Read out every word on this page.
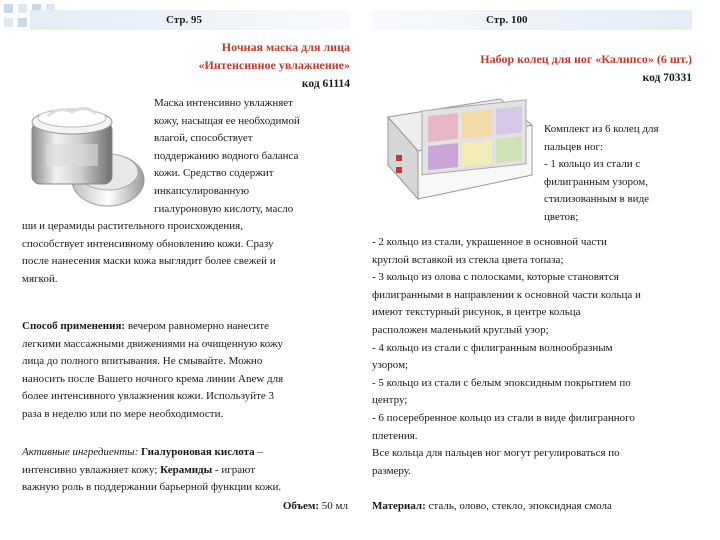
Стр. 95
Ночная маска для лица
«Интенсивное увлажнение»
код 61114
Маска интенсивно увлажняет
кожу, насыщая ее необходимой
влагой, способствует
поддержанию водного баланса
кожи. Средство содержит
инкапсулированную
гиалуроновую кислоту, масло
ши и церамиды растительного происхождения,
способствует интенсивному обновлению кожи. Сразу
после нанесения маски кожа выглядит более свежей и
мягкой.
Способ применения: вечером равномерно нанесите
легкими массажными движениями на очищенную кожу
лица до полного впитывания. Не смывайте. Можно
наносить после Вашего ночного крема линии Anew для
более интенсивного увлажнения кожи. Используйте 3
раза в неделю или по мере необходимости.
Активные ингредиенты: Гиалуроновая кислота –
интенсивно увлажняет кожу; Керамиды - играют
важную роль в поддержании барьерной функции кожи.
Объем: 50 мл
Стр. 100
Набор колец для ног «Калипсо» (6 шт.)
код 70331
Комплект из 6 колец для
пальцев ног:
- 1 кольцо из стали с
филигранным узором,
стилизованным в виде
цветов;
- 2 кольцо из стали, украшенное в основной части
круглой вставкой из стекла цвета топаза;
- 3 кольцо из олова с полосками, которые становятся
филигранными в направлении к основной части кольца и
имеют текстурный рисунок, в центре кольца
расположен маленький круглый узор;
- 4 кольцо из стали с филигранным волнообразным
узором;
- 5 кольцо из стали с белым эпоксидным покрытием по
центру;
- 6 посеребренное кольцо из стали в виде филигранного
плетения.
Все кольца для пальцев ног могут регулироваться по
размеру.
Материал: сталь, олово, стекло, эпоксидная смола
